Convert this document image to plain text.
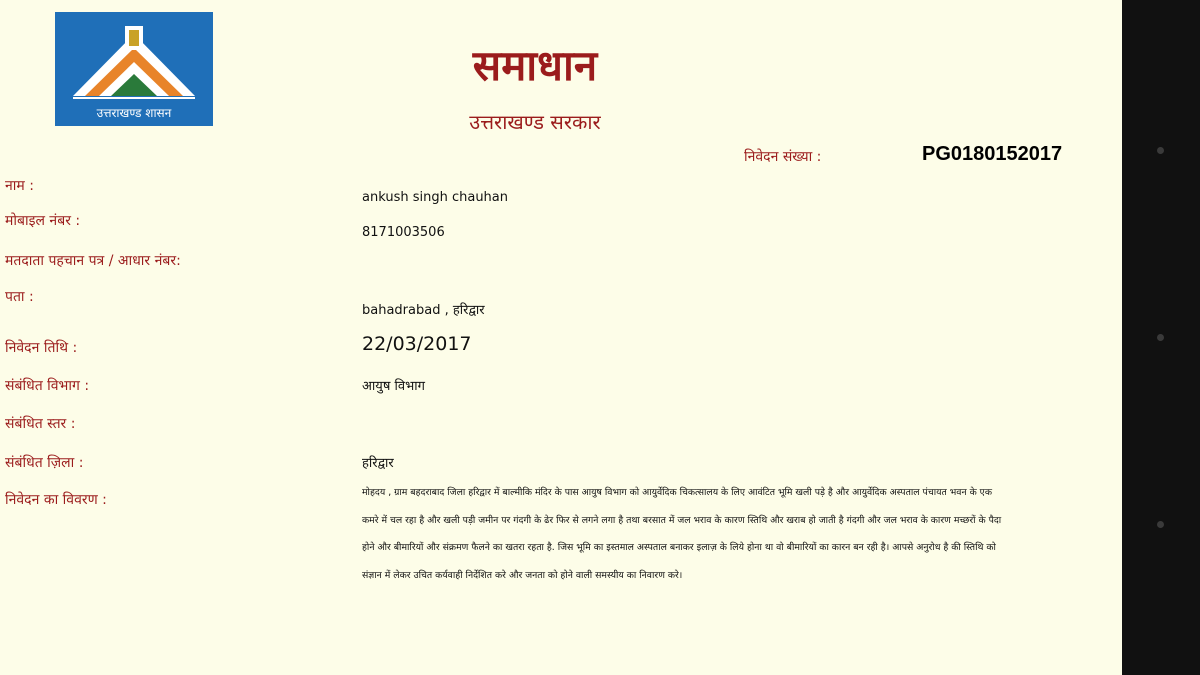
उत्तराखण्ड शासन
समाधान
उत्तराखण्ड सरकार
निवेदन संख्या :	PG0180152017
नाम :
ankush singh chauhan
मोबाइल नंबर :
8171003506
मतदाता पहचान पत्र / आधार नंबर:
पता :
bahadrabad , हरिद्वार
निवेदन तिथि :	22/03/2017
संबंधित विभाग :	आयुष विभाग
संबंधित स्तर :
संबंधित ज़िला :	हरिद्वार
निवेदन का विवरण :	मोहदय , ग्राम बहदराबाद जिला हरिद्वार में बाल्मीकि मंदिर के पास आयुष विभाग को आयुर्वेदिक चिकत्सालय के लिए आवंटित भूमि खली पड़े है और आयुर्वेदिक अस्पताल पंचायत भवन के एक कमरे में चल रहा है और खली पड़ी जमीन पर गंदगी के ढेर फिर से लगने लगा है तथा बरसात में जल भराव के कारण स्तिथि और खराब हो जाती है गंदगी और जल भराव के कारण मच्छरों के पैदा होने और बीमारियों और संक्रमण फैलने का खतरा रहता है. जिस भूमि का इस्तमाल अस्पताल बनाकर इलाज़ के लिये होना था वो बीमारियों का कारन बन रही है। आपसे अनुरोध है की स्तिथि को संज्ञान में लेकर उचित कर्यवाही निर्देशित करे और जनता को होने वाली समस्यीय का निवारण करे।
